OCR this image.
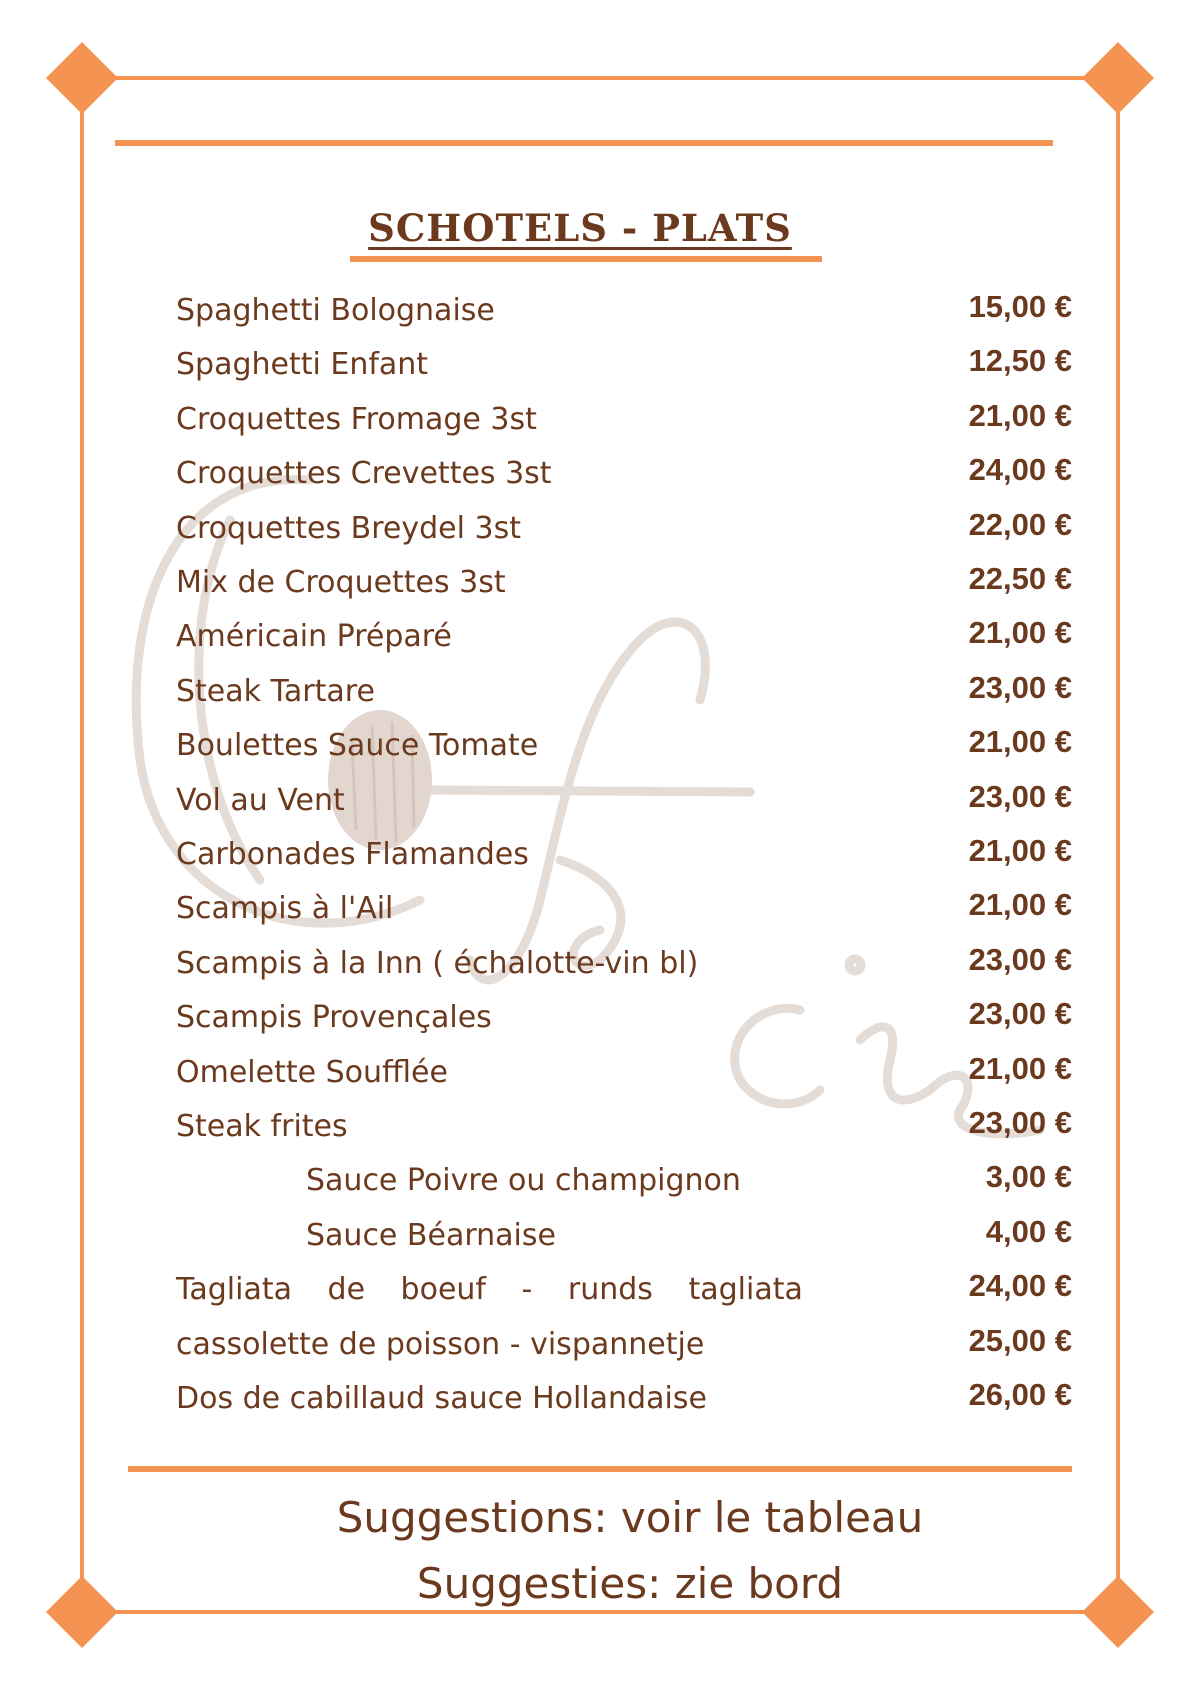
SCHOTELS - PLATS
Spaghetti Bolognaise	15,00 €
Spaghetti Enfant	12,50 €
Croquettes Fromage 3st	21,00 €
Croquettes Crevettes 3st	24,00 €
Croquettes Breydel 3st	22,00 €
Mix de Croquettes 3st	22,50 €
Américain Préparé	21,00 €
Steak Tartare	23,00 €
Boulettes Sauce Tomate	21,00 €
Vol au Vent	23,00 €
Carbonades Flamandes	21,00 €
Scampis à l'Ail	21,00 €
Scampis à la Inn ( échalotte-vin bl)	23,00 €
Scampis Provençales	23,00 €
Omelette Soufflée	21,00 €
Steak frites	23,00 €
Sauce Poivre ou champignon	3,00 €
Sauce Béarnaise	4,00 €
Tagliata de boeuf - runds tagliata	24,00 €
cassolette de poisson - vispannetje	25,00 €
Dos de cabillaud sauce Hollandaise	26,00 €
Suggestions: voir le tableau
Suggesties: zie bord
